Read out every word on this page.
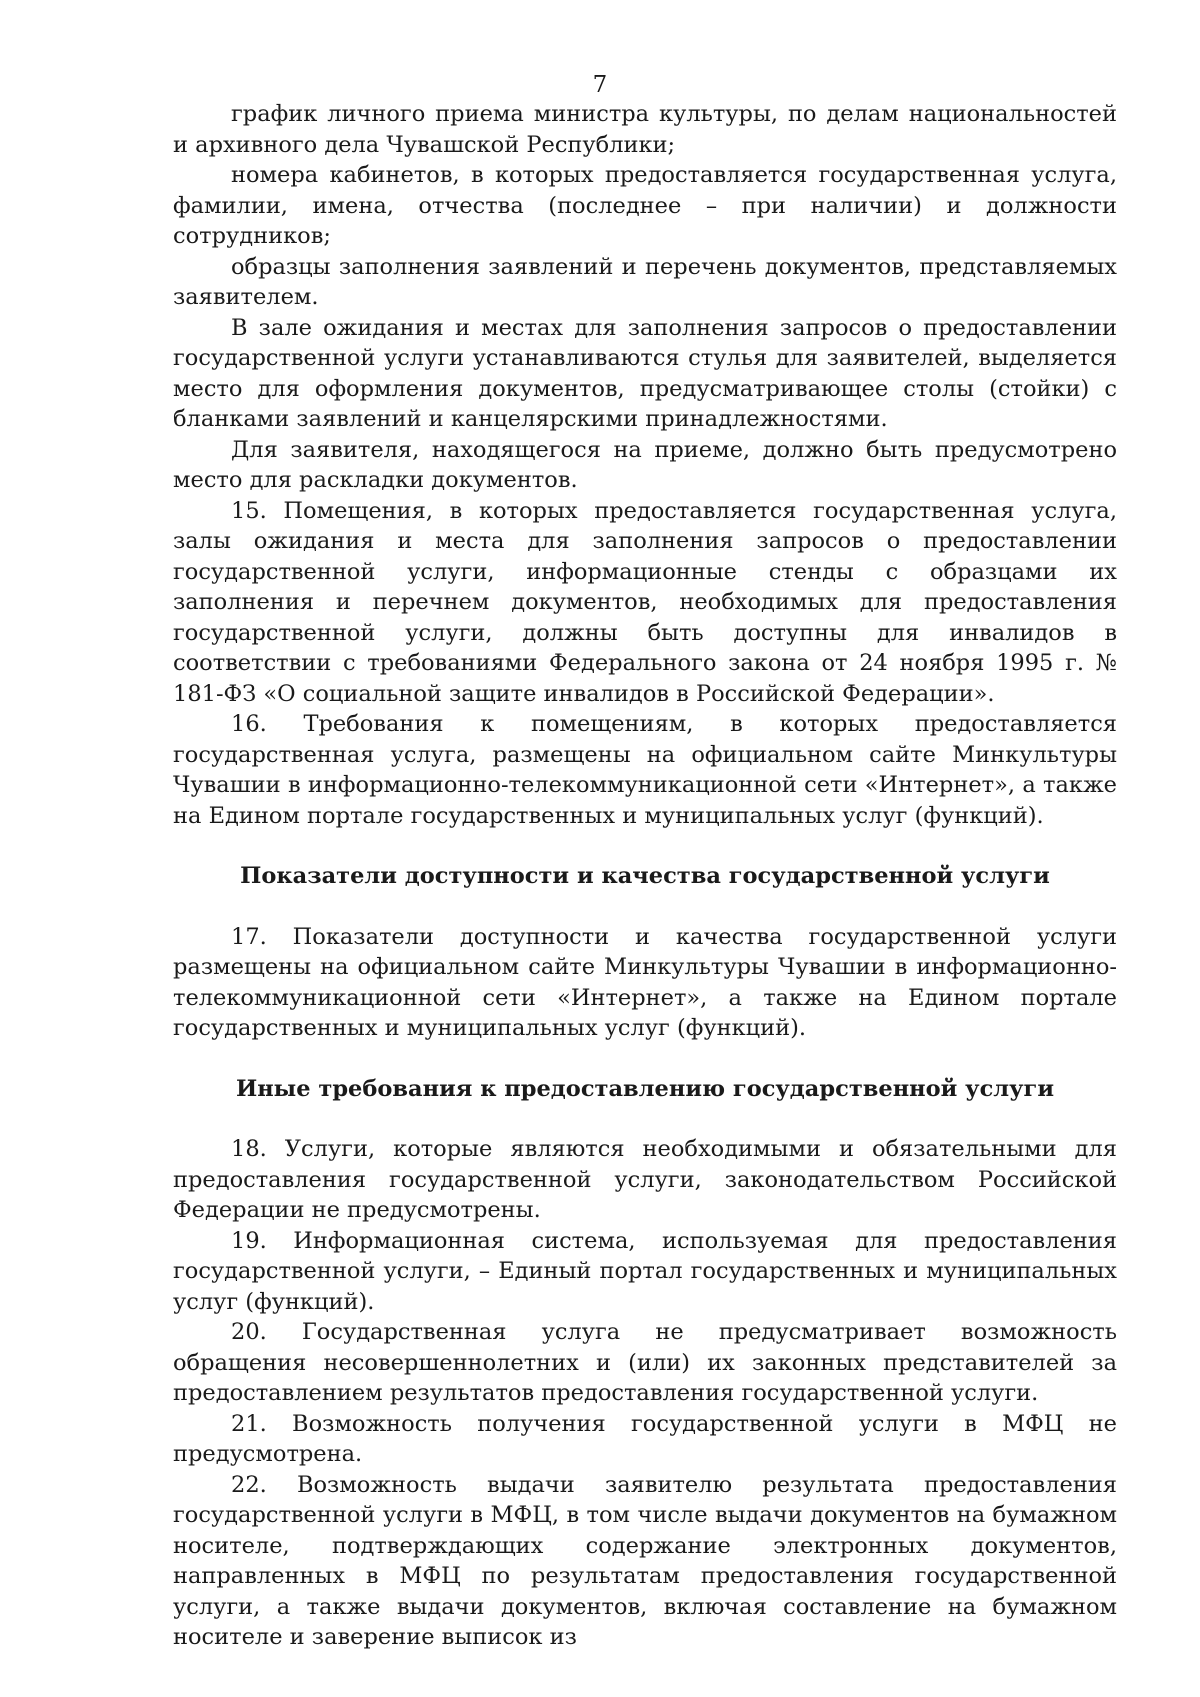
7

график личного приема министра культуры, по делам национальностей и архивного дела Чувашской Республики;

номера кабинетов, в которых предоставляется государственная услуга, фамилии, имена, отчества (последнее – при наличии) и должности сотрудников;

образцы заполнения заявлений и перечень документов, представляемых заявителем.

В зале ожидания и местах для заполнения запросов о предоставлении государственной услуги устанавливаются стулья для заявителей, выделяется место для оформления документов, предусматривающее столы (стойки) с бланками заявлений и канцелярскими принадлежностями.

Для заявителя, находящегося на приеме, должно быть предусмотрено место для раскладки документов.

15. Помещения, в которых предоставляется государственная услуга, залы ожидания и места для заполнения запросов о предоставлении государственной услуги, информационные стенды с образцами их заполнения и перечнем документов, необходимых для предоставления государственной услуги, должны быть доступны для инвалидов в соответствии с требованиями Федерального закона от 24 ноября 1995 г. № 181-ФЗ «О социальной защите инвалидов в Российской Федерации».

16. Требования к помещениям, в которых предоставляется государственная услуга, размещены на официальном сайте Минкультуры Чувашии в информационно-телекоммуникационной сети «Интернет», а также на Едином портале государственных и муниципальных услуг (функций).

Показатели доступности и качества государственной услуги

17. Показатели доступности и качества государственной услуги размещены на официальном сайте Минкультуры Чувашии в информационно-телекоммуникационной сети «Интернет», а также на Едином портале государственных и муниципальных услуг (функций).

Иные требования к предоставлению государственной услуги

18. Услуги, которые являются необходимыми и обязательными для предоставления государственной услуги, законодательством Российской Федерации не предусмотрены.

19. Информационная система, используемая для предоставления государственной услуги, – Единый портал государственных и муниципальных услуг (функций).

20. Государственная услуга не предусматривает возможность обращения несовершеннолетних и (или) их законных представителей за предоставлением результатов предоставления государственной услуги.

21. Возможность получения государственной услуги в МФЦ не предусмотрена.

22. Возможность выдачи заявителю результата предоставления государственной услуги в МФЦ, в том числе выдачи документов на бумажном носителе, подтверждающих содержание электронных документов, направленных в МФЦ по результатам предоставления государственной услуги, а также выдачи документов, включая составление на бумажном носителе и заверение выписок из
